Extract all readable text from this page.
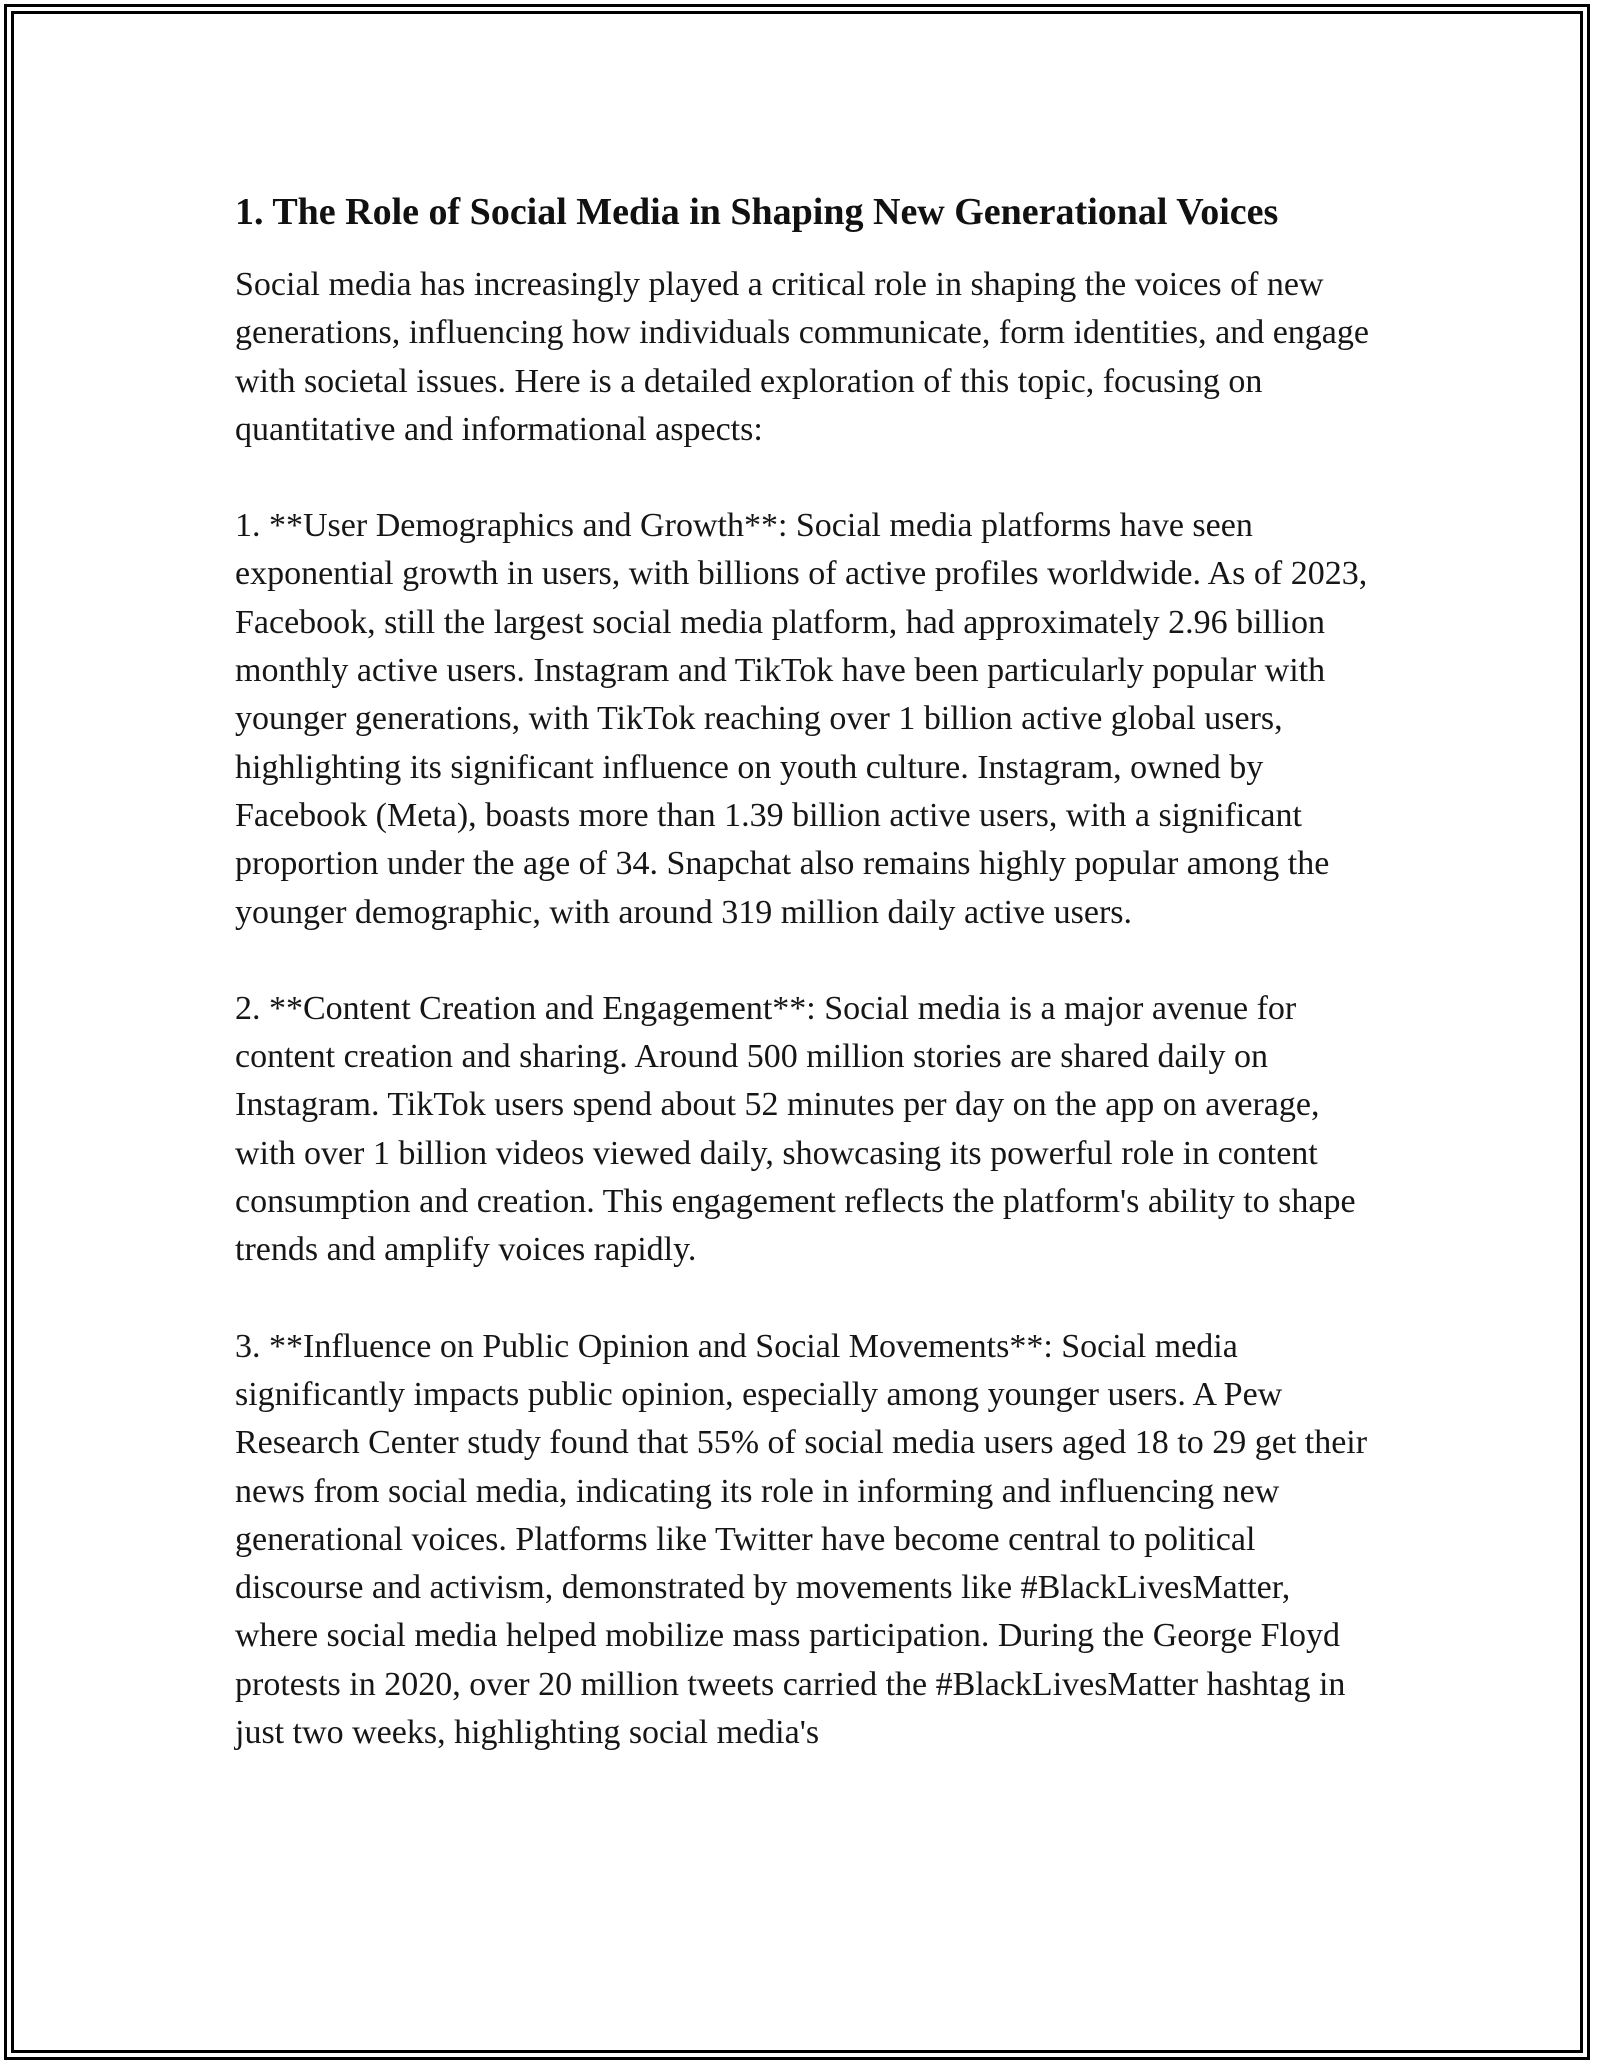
1. The Role of Social Media in Shaping New Generational Voices

Social media has increasingly played a critical role in shaping the voices of new generations, influencing how individuals communicate, form identities, and engage with societal issues. Here is a detailed exploration of this topic, focusing on quantitative and informational aspects:

1. **User Demographics and Growth**: Social media platforms have seen exponential growth in users, with billions of active profiles worldwide. As of 2023, Facebook, still the largest social media platform, had approximately 2.96 billion monthly active users. Instagram and TikTok have been particularly popular with younger generations, with TikTok reaching over 1 billion active global users, highlighting its significant influence on youth culture. Instagram, owned by Facebook (Meta), boasts more than 1.39 billion active users, with a significant proportion under the age of 34. Snapchat also remains highly popular among the younger demographic, with around 319 million daily active users.

2. **Content Creation and Engagement**: Social media is a major avenue for content creation and sharing. Around 500 million stories are shared daily on Instagram. TikTok users spend about 52 minutes per day on the app on average, with over 1 billion videos viewed daily, showcasing its powerful role in content consumption and creation. This engagement reflects the platform's ability to shape trends and amplify voices rapidly.

3. **Influence on Public Opinion and Social Movements**: Social media significantly impacts public opinion, especially among younger users. A Pew Research Center study found that 55% of social media users aged 18 to 29 get their news from social media, indicating its role in informing and influencing new generational voices. Platforms like Twitter have become central to political discourse and activism, demonstrated by movements like #BlackLivesMatter, where social media helped mobilize mass participation. During the George Floyd protests in 2020, over 20 million tweets carried the #BlackLivesMatter hashtag in just two weeks, highlighting social media's
